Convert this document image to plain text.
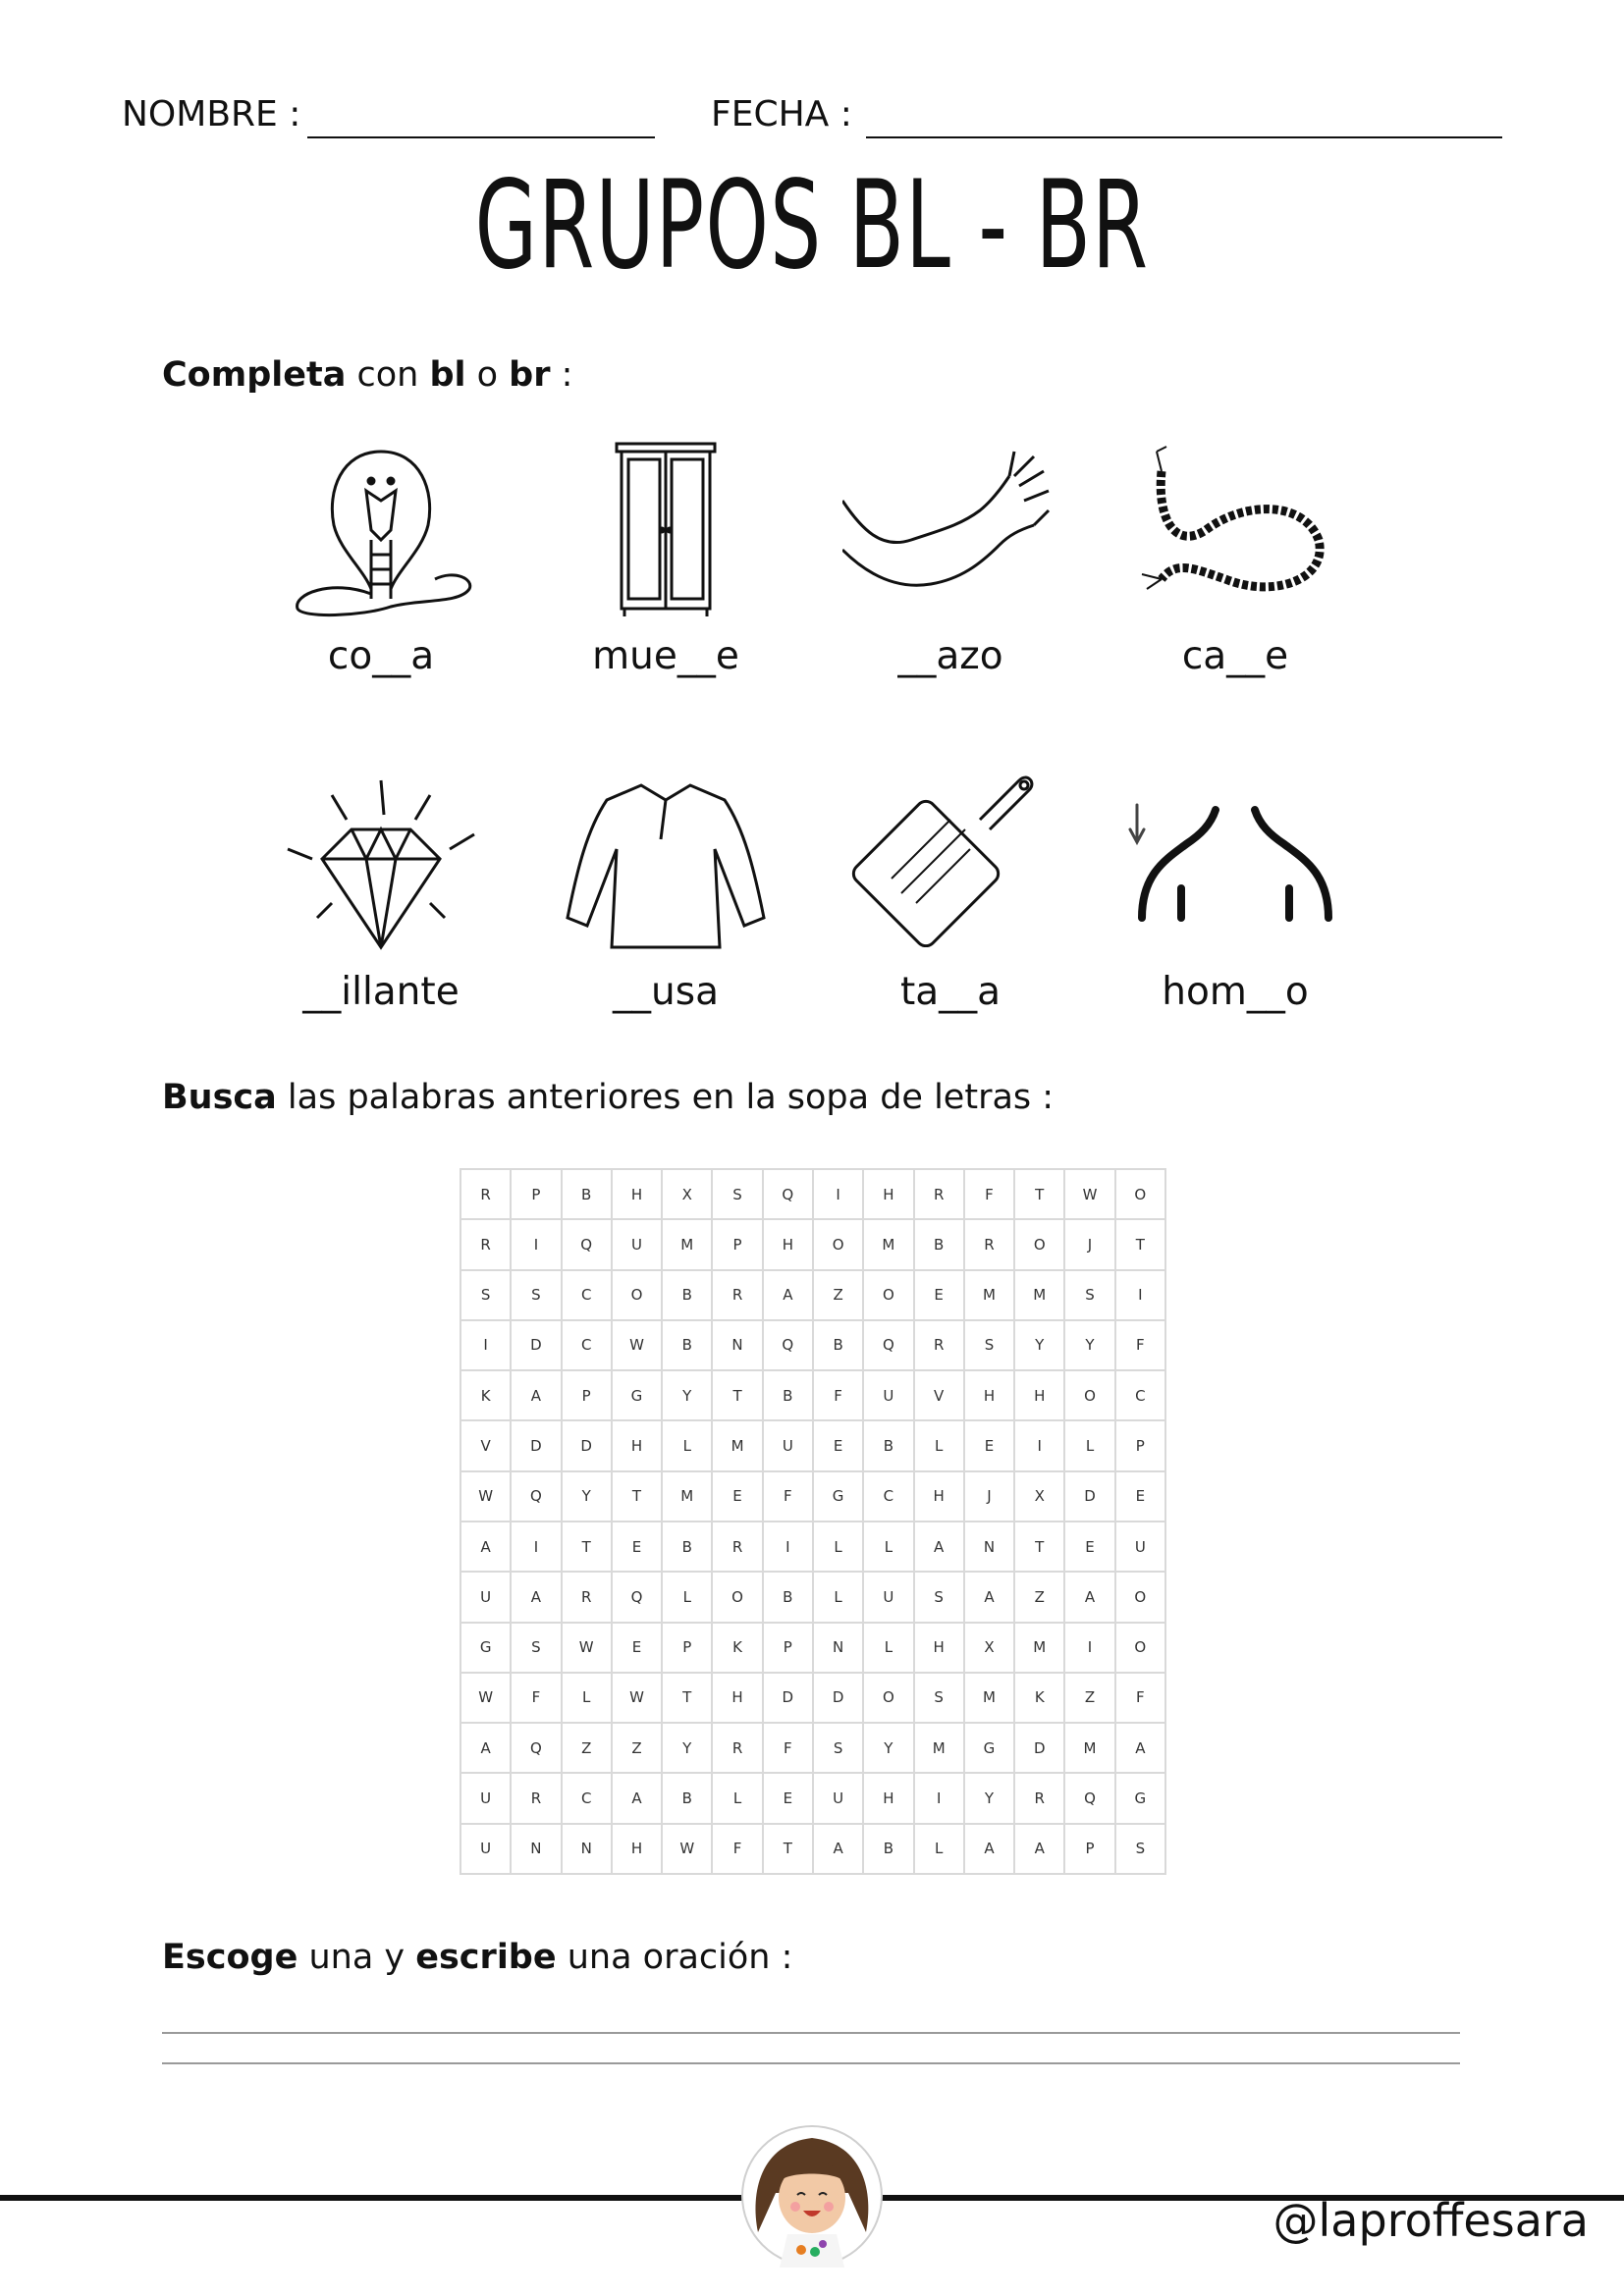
NOMBRE :	FECHA :
GRUPOS BL - BR
Completa con bl o br :
co__a	mue__e	__azo	ca__e
__illante	__usa	ta__a	hom__o
Busca las palabras anteriores en la sopa de letras :
R	P	B	H	X	S	Q	I	H	R	F	T	W	O
R	I	Q	U	M	P	H	O	M	B	R	O	J	T
S	S	C	O	B	R	A	Z	O	E	M	M	S	I
I	D	C	W	B	N	Q	B	Q	R	S	Y	Y	F
K	A	P	G	Y	T	B	F	U	V	H	H	O	C
V	D	D	H	L	M	U	E	B	L	E	I	L	P
W	Q	Y	T	M	E	F	G	C	H	J	X	D	E
A	I	T	E	B	R	I	L	L	A	N	T	E	U
U	A	R	Q	L	O	B	L	U	S	A	Z	A	O
G	S	W	E	P	K	P	N	L	H	X	M	I	O
W	F	L	W	T	H	D	D	O	S	M	K	Z	F
A	Q	Z	Z	Y	R	F	S	Y	M	G	D	M	A
U	R	C	A	B	L	E	U	H	I	Y	R	Q	G
U	N	N	H	W	F	T	A	B	L	A	A	P	S
Escoge una y escribe una oración :
@laproffesara
